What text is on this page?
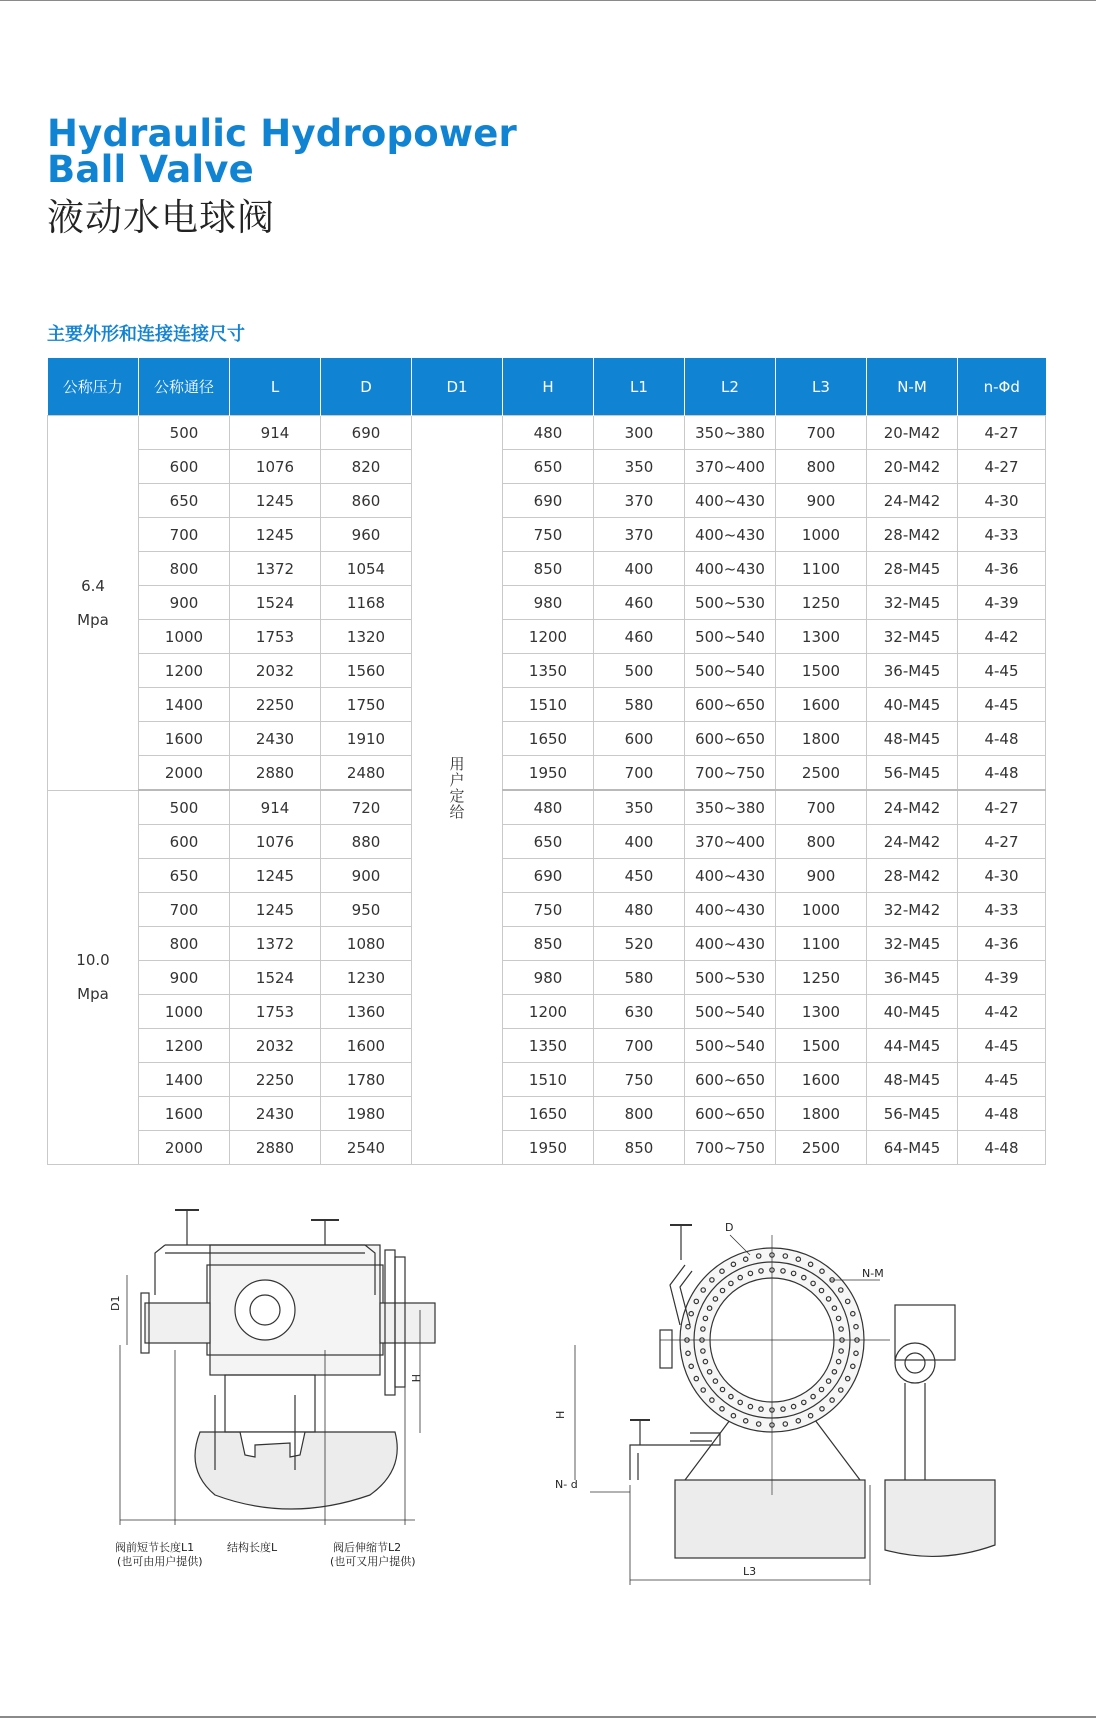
Hydraulic Hydropower
Ball Valve
液动水电球阀
主要外形和连接连接尺寸
公称压力	公称通径	L	D	D1	H	L1	L2	L3	N-M	n-Φd

6.4
Mpa	500	914	690	用户定给	480	300	350~380	700	20-M42	4-27
	600	1076	820		650	350	370~400	800	20-M42	4-27
	650	1245	860		690	370	400~430	900	24-M42	4-30
	700	1245	960		750	370	400~430	1000	28-M42	4-33
	800	1372	1054		850	400	400~430	1100	28-M45	4-36
	900	1524	1168		980	460	500~530	1250	32-M45	4-39
	1000	1753	1320		1200	460	500~540	1300	32-M45	4-42
	1200	2032	1560		1350	500	500~540	1500	36-M45	4-45
	1400	2250	1750		1510	580	600~650	1600	40-M45	4-45
	1600	2430	1910		1650	600	600~650	1800	48-M45	4-48
	2000	2880	2480		1950	700	700~750	2500	56-M45	4-48

10.0
Mpa	500	914	720		480	350	350~380	700	24-M42	4-27
	600	1076	880		650	400	370~400	800	24-M42	4-27
	650	1245	900		690	450	400~430	900	28-M42	4-30
	700	1245	950		750	480	400~430	1000	32-M42	4-33
	800	1372	1080		850	520	400~430	1100	32-M45	4-36
	900	1524	1230		980	580	500~530	1250	36-M45	4-39
	1000	1753	1360		1200	630	500~540	1300	40-M45	4-42
	1200	2032	1600		1350	700	500~540	1500	44-M45	4-45
	1400	2250	1780		1510	750	600~650	1600	48-M45	4-45
	1600	2430	1980		1650	800	600~650	1800	56-M45	4-48
	2000	2880	2540		1950	850	700~750	2500	64-M45	4-48
D1
H
阀前短节长度L1
(也可由用户提供)
结构长度L	阀后伸缩节L2
(也可又用户提供)
D
N-M
H
N- d
L3
